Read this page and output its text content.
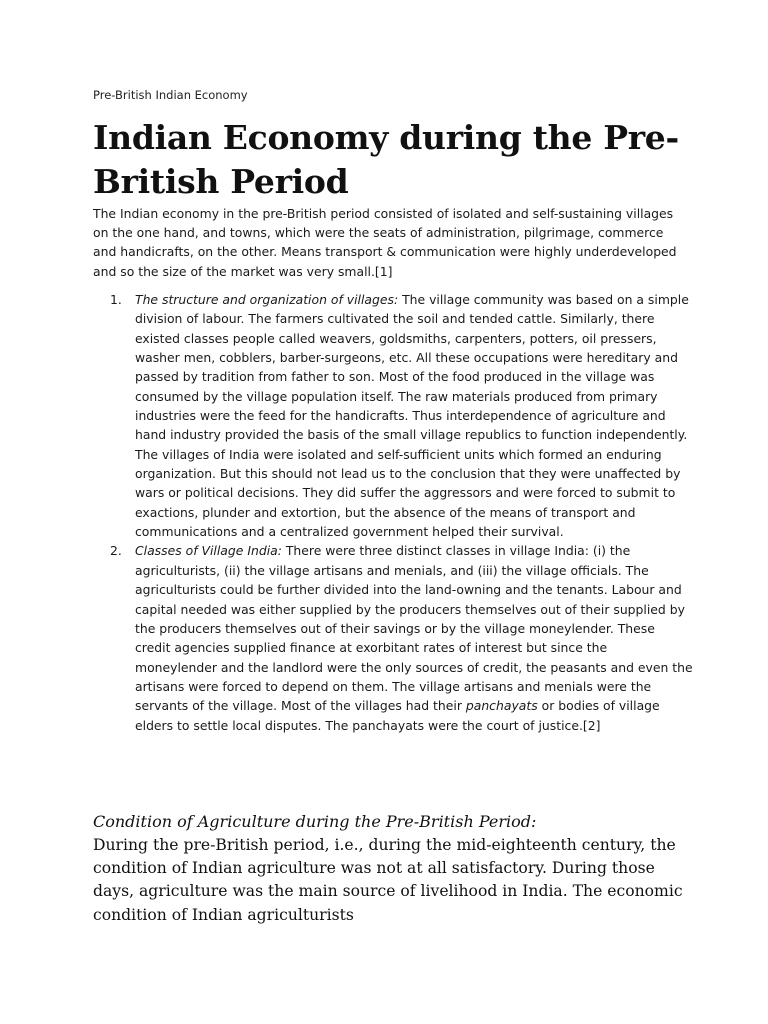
Pre-British Indian Economy
Indian Economy during the Pre-British Period

The Indian economy in the pre-British period consisted of isolated and self-sustaining villages on the one hand, and towns, which were the seats of administration, pilgrimage, commerce and handicrafts, on the other. Means transport & communication were highly underdeveloped and so the size of the market was very small.[1]

1. The structure and organization of villages: The village community was based on a simple division of labour. The farmers cultivated the soil and tended cattle. Similarly, there existed classes people called weavers, goldsmiths, carpenters, potters, oil pressers, washer men, cobblers, barber-surgeons, etc. All these occupations were hereditary and passed by tradition from father to son. Most of the food produced in the village was consumed by the village population itself. The raw materials produced from primary industries were the feed for the handicrafts. Thus interdependence of agriculture and hand industry provided the basis of the small village republics to function independently. The villages of India were isolated and self-sufficient units which formed an enduring organization. But this should not lead us to the conclusion that they were unaffected by wars or political decisions. They did suffer the aggressors and were forced to submit to exactions, plunder and extortion, but the absence of the means of transport and communications and a centralized government helped their survival.
2. Classes of Village India: There were three distinct classes in village India: (i) the agriculturists, (ii) the village artisans and menials, and (iii) the village officials. The agriculturists could be further divided into the land-owning and the tenants. Labour and capital needed was either supplied by the producers themselves out of their supplied by the producers themselves out of their savings or by the village moneylender. These credit agencies supplied finance at exorbitant rates of interest but since the moneylender and the landlord were the only sources of credit, the peasants and even the artisans were forced to depend on them. The village artisans and menials were the servants of the village. Most of the villages had their panchayats or bodies of village elders to settle local disputes. The panchayats were the court of justice.[2]
Condition of Agriculture during the Pre-British Period:

During the pre-British period, i.e., during the mid-eighteenth century, the condition of Indian agriculture was not at all satisfactory. During those days, agriculture was the main source of livelihood in India. The economic condition of Indian agriculturists
